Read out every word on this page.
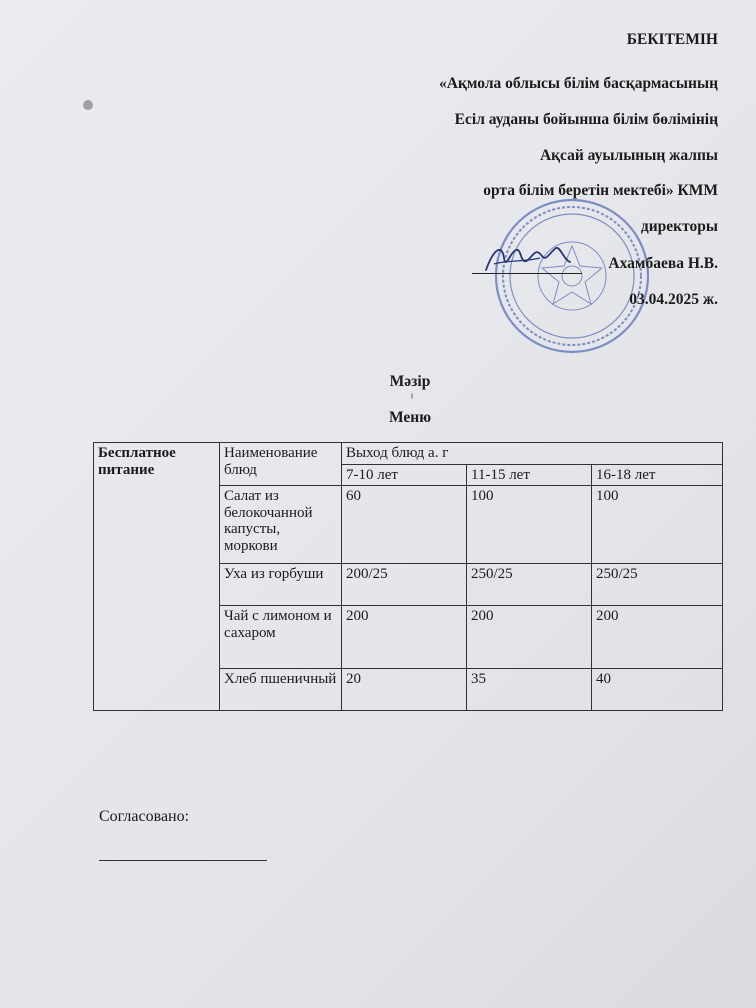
БЕКІТЕМІН
«Ақмола облысы білім басқармасының
Есіл ауданы бойынша білім бөлімінің
Ақсай ауылының жалпы
орта білім беретін мектебі» КММ
директоры
Ахамбаева Н.В.
03.04.2025 ж.
Мәзір
Меню
Бесплатное питание	Наименование блюд	Выход блюд а. г		
		7-10 лет	11-15 лет	16-18 лет
	Салат из белокочанной капусты, моркови	60	100	100
	Уха из горбуши	200/25	250/25	250/25
	Чай с лимоном и сахаром	200	200	200
	Хлеб пшеничный	20	35	40
Согласовано:
